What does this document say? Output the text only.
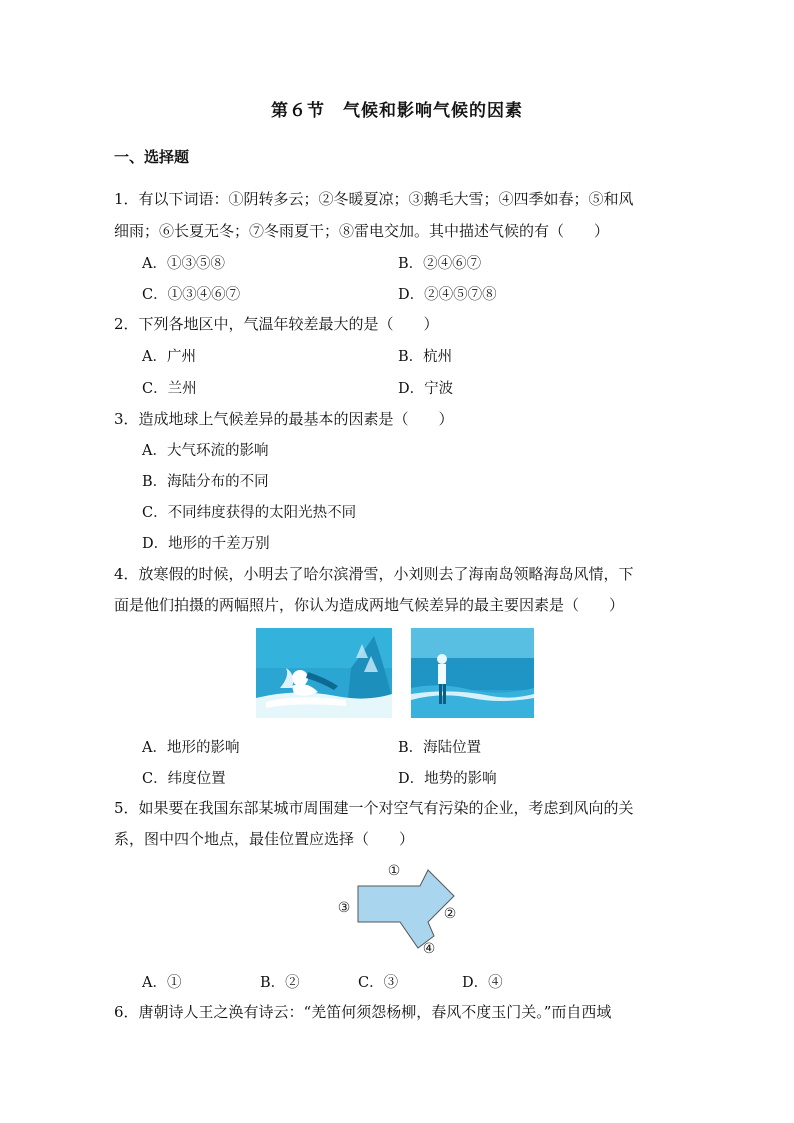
第６节　气候和影响气候的因素
一、选择题
1．有以下词语：①阴转多云；②冬暖夏凉；③鹅毛大雪；④四季如春；⑤和风
细雨；⑥长夏无冬；⑦冬雨夏干；⑧雷电交加。其中描述气候的有（　　）
A．①③⑤⑧	B．②④⑥⑦
C．①③④⑥⑦	D．②④⑤⑦⑧
2．下列各地区中，气温年较差最大的是（　　）
A．广州	B．杭州
C．兰州	D．宁波
3．造成地球上气候差异的最基本的因素是（　　）
A．大气环流的影响
B．海陆分布的不同
C．不同纬度获得的太阳光热不同
D．地形的千差万别
4．放寒假的时候，小明去了哈尔滨滑雪，小刘则去了海南岛领略海岛风情，下
面是他们拍摄的两幅照片，你认为造成两地气候差异的最主要因素是（　　）
A．地形的影响	B．海陆位置
C．纬度位置	D．地势的影响
5．如果要在我国东部某城市周围建一个对空气有污染的企业，考虑到风向的关
系，图中四个地点，最佳位置应选择（　　）
①
②
③
④
A．①	B．②	C．③	D．④
6．唐朝诗人王之涣有诗云：“羌笛何须怨杨柳，春风不度玉门关。”而自西域
